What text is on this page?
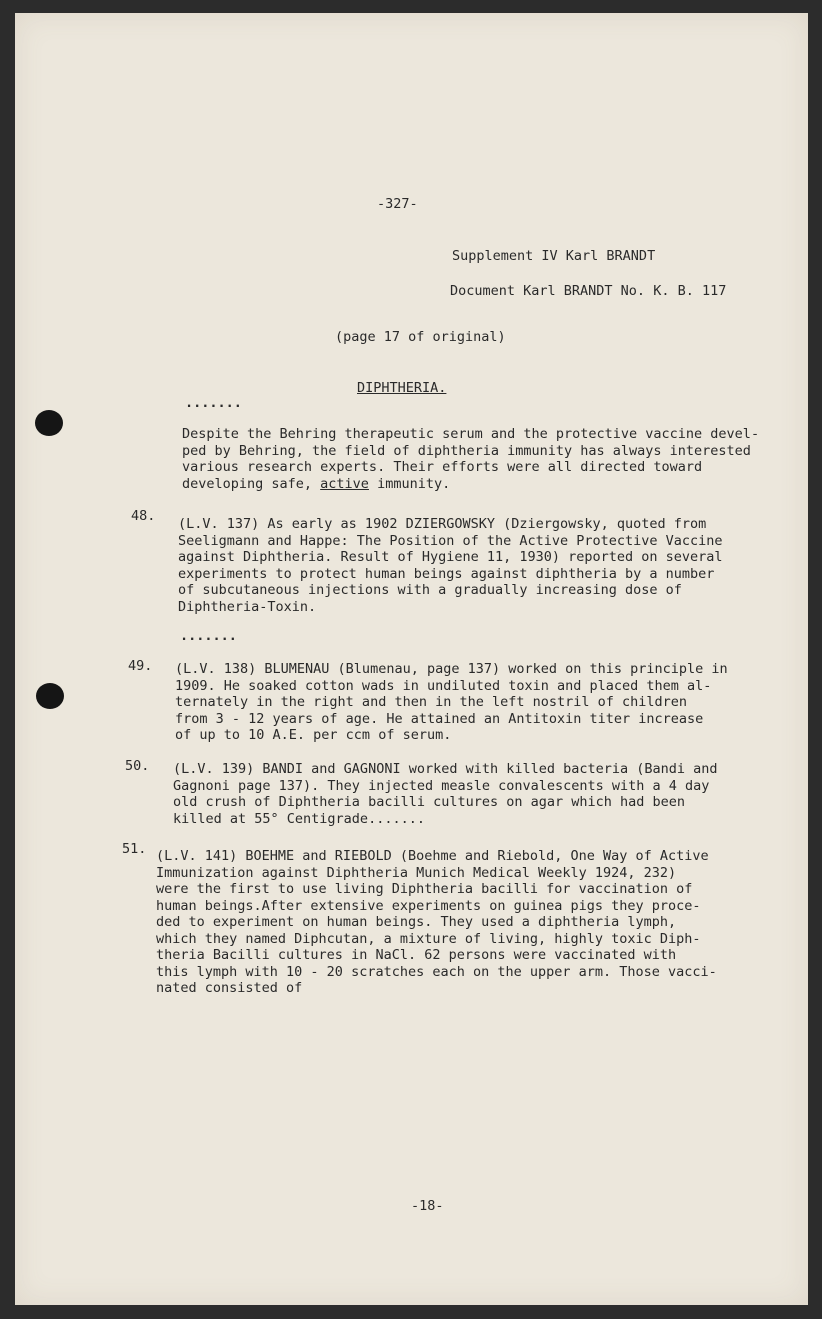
-327-
Supplement IV Karl BRANDT
Document Karl BRANDT No. K. B. 117
(page 17 of original)
DIPHTHERIA.
.......
Despite the Behring therapeutic serum and the protective vaccine devel-
ped by Behring, the field of diphtheria immunity has always interested
various research experts. Their efforts were all directed toward
developing safe, active immunity.
48. (L.V. 137) As early as 1902 DZIERGOWSKY (Dziergowsky, quoted from
Seeligmann and Happe: The Position of the Active Protective Vaccine
against Diphtheria. Result of Hygiene 11, 1930) reported on several
experiments to protect human beings against diphtheria by a number
of subcutaneous injections with a gradually increasing dose of
Diphtheria-Toxin.
.......
49. (L.V. 138) BLUMENAU (Blumenau, page 137) worked on this principle in
1909. He soaked cotton wads in undiluted toxin and placed them al-
ternately in the right and then in the left nostril of children
from 3 - 12 years of age. He attained an Antitoxin titer increase
of up to 10 A.E. per ccm of serum.
50. (L.V. 139) BANDI and GAGNONI worked with killed bacteria (Bandi and
Gagnoni page 137). They injected measle convalescents with a 4 day
old crush of Diphtheria bacilli cultures on agar which had been
killed at 55° Centigrade.......
51. (L.V. 141) BOEHME and RIEBOLD (Boehme and Riebold, One Way of Active
Immunization against Diphtheria Munich Medical Weekly 1924, 232)
were the first to use living Diphtheria bacilli for vaccination of
human beings.After extensive experiments on guinea pigs they proce-
ded to experiment on human beings. They used a diphtheria lymph,
which they named Diphcutan, a mixture of living, highly toxic Diph-
theria Bacilli cultures in NaCl. 62 persons were vaccinated with
this lymph with 10 - 20 scratches each on the upper arm. Those vacci-
nated consisted of
-18-
